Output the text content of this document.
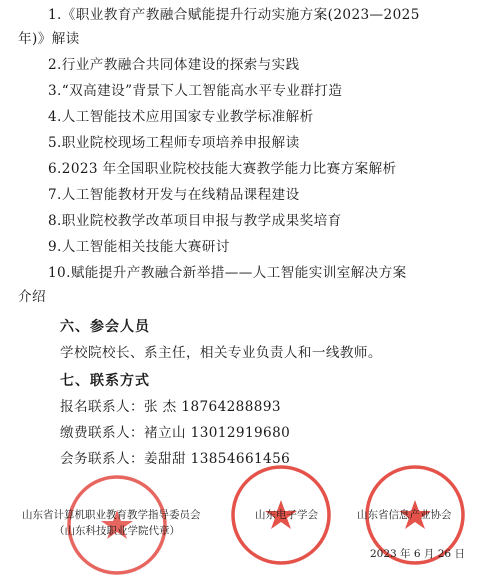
1.《职业教育产教融合赋能提升行动实施方案(2023—2025
年)》解读
2.行业产教融合共同体建设的探索与实践
3.“双高建设”背景下人工智能高水平专业群打造
4.人工智能技术应用国家专业教学标准解析
5.职业院校现场工程师专项培养申报解读
6.2023 年全国职业院校技能大赛教学能力比赛方案解析
7.人工智能教材开发与在线精品课程建设
8.职业院校教学改革项目申报与教学成果奖培育
9.人工智能相关技能大赛研讨
10.赋能提升产教融合新举措——人工智能实训室解决方案
介绍
六、参会人员
学校院校长、系主任，相关专业负责人和一线教师。
七、联系方式
报名联系人：张 杰 18764288893
缴费联系人：褚立山 13012919680
会务联系人：姜甜甜 13854661456
山东省计算机职业教育教学指导委员会
（山东科技职业学院代章）
山东电子学会	山东省信息产业协会
2023 年 6 月 26 日
